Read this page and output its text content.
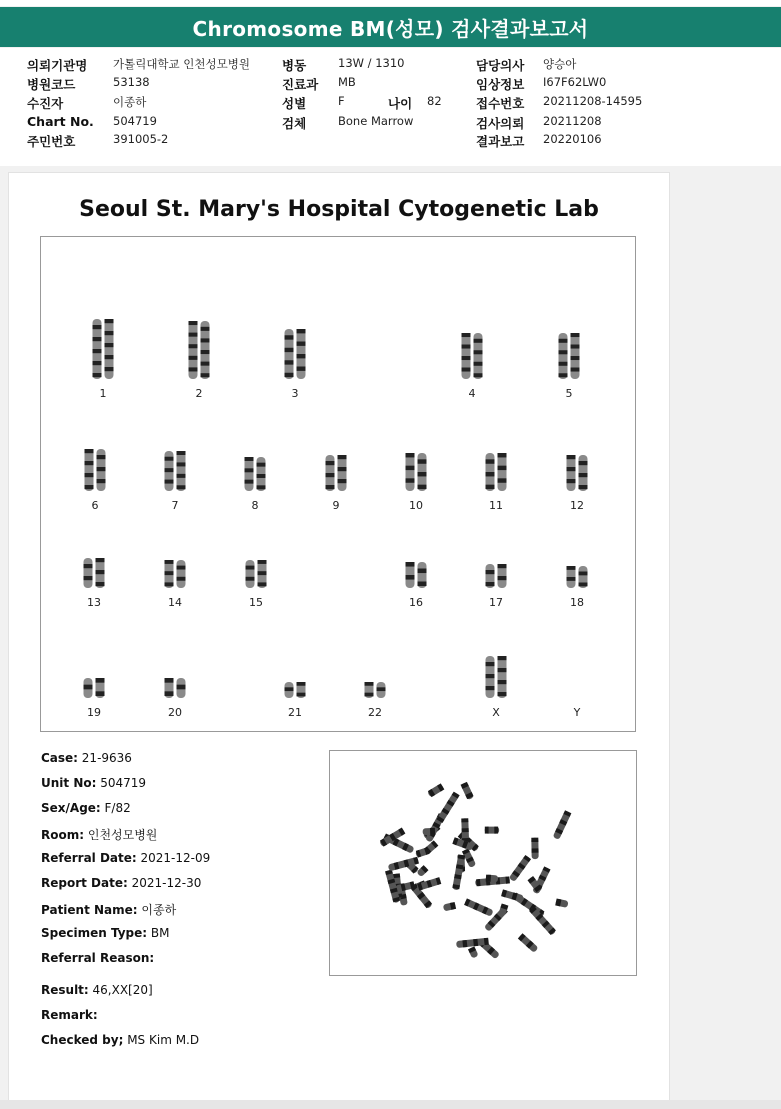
Chromosome BM(성모) 검사결과보고서
의뢰기관명 가톨릭대학교 인천성모병원	병동	13W / 1310	담당의사 양승아
병원코드	53138	진료과 MB	임상정보 I67F62LW0
수진자	이종하	성별	F	나이 82	접수번호 20211208-14595
Chart No. 504719	검체	Bone Marrow	검사의뢰 20211208
주민번호	391005-2	결과보고 20220106
Seoul St. Mary's Hospital Cytogenetic Lab
1	2	3	4	5
6	7	8	9	10	11	12
13	14	15	16	17	18
19	20	21	22	X	Y
Case: 21-9636
Unit No: 504719
Sex/Age: F/82
Room: 인천성모병원
Referral Date: 2021-12-09
Report Date: 2021-12-30
Patient Name: 이종하
Specimen Type: BM
Referral Reason:
Result: 46,XX[20]
Remark:
Checked by; MS Kim M.D
